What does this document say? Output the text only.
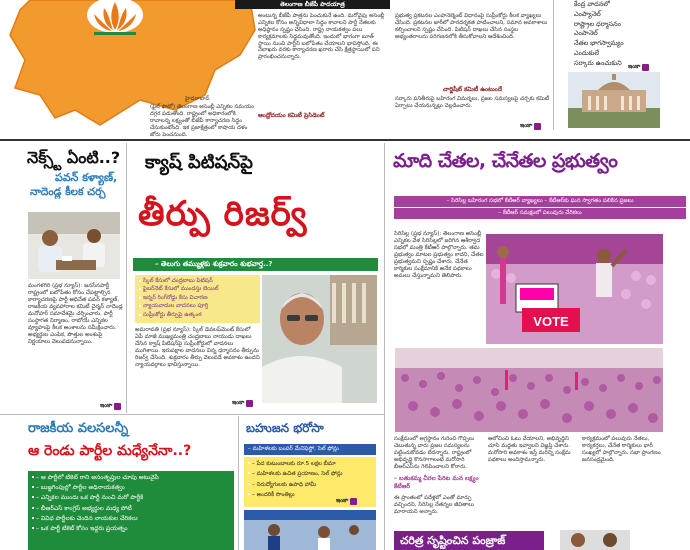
తెలంగాణ బీజేపీ పాదయాత్ర
హైదరాబాద్
(ఫైల్ ఫొటో) తెలంగాణ అసెంబ్లీ ఎన్నికల సమయం దగ్గర పడుతోంది. రాష్ట్రంలో అధికారంలోకి రావాలన్న లక్ష్యంతో బీజేపీ కార్యాచరణ సిద్ధం చేసుకుంటోంది. ఇక ప్రజాక్షేత్రంలో కాషాయ దళం జోరు పెంచనుంది.
అంటున్న బీజేపీ పాత్రను పెంచుకునే ఉంది. మరోవైపు అసెంబ్లీ ఎన్నికల కోసం అన్నివిధాలా సిద్ధం కావాలని పార్టీ నేతలకు అధిష్ఠానం స్పష్టం చేసింది. రాష్ట్ర నాయకత్వం పలు కార్యక్రమాలకు సిద్ధమవుతోంది. ఇందులో భాగంగా బూత్ స్థాయి నుంచి పార్టీని బలోపేతం చేయాలని భావిస్తోంది. ఈ నెలాఖరు వరకు కార్యాచరణ ఖరారు చేసి క్షేత్రస్థాయిలో పని ప్రారంభించనున్నారు.
ఆంధ్రోదయం కమిటీ ప్రెసిడెంట్
ప్రభుత్వ ప్రకటనల ఎంపానెల్మెంట్ విధానంపై సుప్రీంకోర్టు కీలక వ్యాఖ్యలు చేసింది. ప్రకటనల జారీలో పారదర్శకత పాటించాలని, సమాన అవకాశాలు కల్పించాలని స్పష్టం చేసింది. పిటిషన్ దాఖలు చేసిన సంస్థల అభ్యంతరాలను పరిగణనలోకి తీసుకోవాలని ఆదేశించింది.
చార్జిషీట్ కమిటీ ఉంటుందే
సర్కారు పనితీరుపై బహిరంగ విమర్శలు, ప్రజల సమస్యలపై చర్చకు కమిటీ ఏర్పాటు చేయనున్నట్లు వెల్లడించారు.
ఇంకా
కేంద్ర వాదనలో
ఎంప్యానెల్
రాష్ట్రాల ధర్మాసనం
ఎంపానెల్
నేతల భాగస్వామ్యం
ఎందుకులే
సర్కారు ఉంచుకుని	ఇంకా
నెక్స్ట్ ఏంటి..?
పవన్ కళ్యాణ్,
నాదెండ్ల కీలక చర్చ
మంగళగిరి (ప్రభ న్యూస్): జనసేనపార్టీ రాష్ట్రంలో బలోపేతం కోసం చేపట్టాల్సిన కార్యాచరణపై పార్టీ అధినేత పవన్ కళ్యాణ్, రాజకీయ వ్యవహారాల కమిటీ చైర్మన్ నాదెండ్ల మనోహర్ సమావేశమై చర్చించారు. పార్టీ సంస్థాగత నిర్మాణం, రాబోయే ఎన్నికల వ్యూహంపై కీలక అంశాలను సమీక్షించారు. అభ్యర్థుల ఎంపిక, పొత్తుల అంశంపై నిర్ణయాలు వెలువడనున్నాయి.
ఇంకా
క్యాష్ పిటిషన్‌పై
తీర్పు రిజర్వ్
– తెలుగు తమ్ముళ్లకు శుక్రవారం శుభవార్త..?
స్కిల్ కేసులో చంద్రబాబు పిటిషన్
ఫైబర్‌నెట్ కేసులో ముందస్తు బెయిల్
ఇన్నర్ రింగ్‌రోడ్డు కేసు విచారణ
న్యాయవాదుల వాదనలు పూర్తి
సుప్రీంకోర్టు తీర్పుపై ఉత్కంఠ
అమరావతి (ప్రభ న్యూస్): స్కిల్ డెవలప్‌మెంట్ కేసులో ఏపీ మాజీ ముఖ్యమంత్రి చంద్రబాబు నాయుడు దాఖలు చేసిన క్వాష్ పిటిషన్‌పై సుప్రీంకోర్టులో వాదనలు ముగిశాయి. ఇరుపక్షాల వాదనలు విన్న ధర్మాసనం తీర్పును రిజర్వ్ చేసింది. శుక్రవారం తీర్పు వెలువడే అవకాశం ఉందని న్యాయవర్గాలు భావిస్తున్నాయి.
ఇంకా
మాది చేతల, చేనేతల ప్రభుత్వం
– సిరిసిల్ల బహిరంగ సభలో కేటీఆర్ వ్యాఖ్యలు – కేటీఆర్‌కు ఘన స్వాగతం పలికిన ప్రజలు
– కేటీఆర్ సమక్షంలో పలువురు చేరికలు
సిరిసిల్ల (ప్రభ న్యూస్): తెలంగాణ అసెంబ్లీ ఎన్నికల వేళ సిరిసిల్లలో జరిగిన ఆశీర్వాద సభలో మంత్రి కేటీఆర్ పాల్గొన్నారు. తమ ప్రభుత్వం మాటల ప్రభుత్వం కాదని, చేతల ప్రభుత్వమని స్పష్టం చేశారు. చేనేత కార్మికుల సంక్షేమానికి అనేక పథకాలు అమలు చేస్తున్నామని తెలిపారు.
VOTE
సంక్షేమంలో అగ్రస్థానం గురించి గొప్పలు చెబుతున్న వారు ప్రజల సమస్యలను పట్టించుకోవడం లేదన్నారు. రాష్ట్రంలో అభివృద్ధి కొనసాగాలంటే మరోసారి బీఆర్ఎస్‌ను గెలిపించాలని కోరారు.
– బతుకమ్మ చీరల పేరిట మన లక్ష్యం కేటీఆర్
ఈ ప్రాంతంలో పదేళ్లలో ఎంతో మార్పు వచ్చిందని, సిరిసిల్ల నేతన్నల జీవితాలు మారాయని అన్నారు.
ఆలోచించి ఓటు వేయాలని, అభివృద్ధిని చూసి మద్దతు ఇవ్వాలని విజ్ఞప్తి చేశారు. మరోసారి అవకాశం ఇస్తే మరిన్ని సంక్షేమ పథకాలు అందిస్తామన్నారు.
కార్యక్రమంలో పలువురు నేతలు, కార్యకర్తలు, చేనేత కార్మికులు భారీ సంఖ్యలో పాల్గొన్నారు. సభా ప్రాంగణం జనసంద్రమైంది.
చరిత్ర సృష్టించిన పంజ్రాజ్
రాజకీయ వలసలన్నీ
ఆ రెండు పార్టీల మధ్యేనేనా..?
– ఆ పార్టీలో టికెట్ రాని అసంతృప్తుల చూపు అటువైపే
– బుజ్జగింపుల్లో పార్టీల అధినాయకత్వం
– ఎన్నికల ముందు ఒక పార్టీ నుంచి మరో పార్టీకి
– బీఆర్ఎస్ కాంగ్రెస్ అభ్యర్థుల మధ్య పోటీ
– వివిధ పార్టీలకు చెందిన నాయకుల చేరికలు
– ఒక పార్టీ టికెట్ కోసం ఇద్దరు ప్రయత్నం
బహుజన భరోసా
– మహిళలకు బంపర్ మేనిఫెస్టో, సెల్ ఫోన్లు
– పేద కుటుంబాలకు రూ.5 లక్షల బీమా
– మహిళలకు ఉచిత ప్రయాణం, సెల్ ఫోన్లు
– నిరుద్యోగులకు ఉపాధి హామీ
– అందరికీ సొంతిల్లు
ఇంకా
